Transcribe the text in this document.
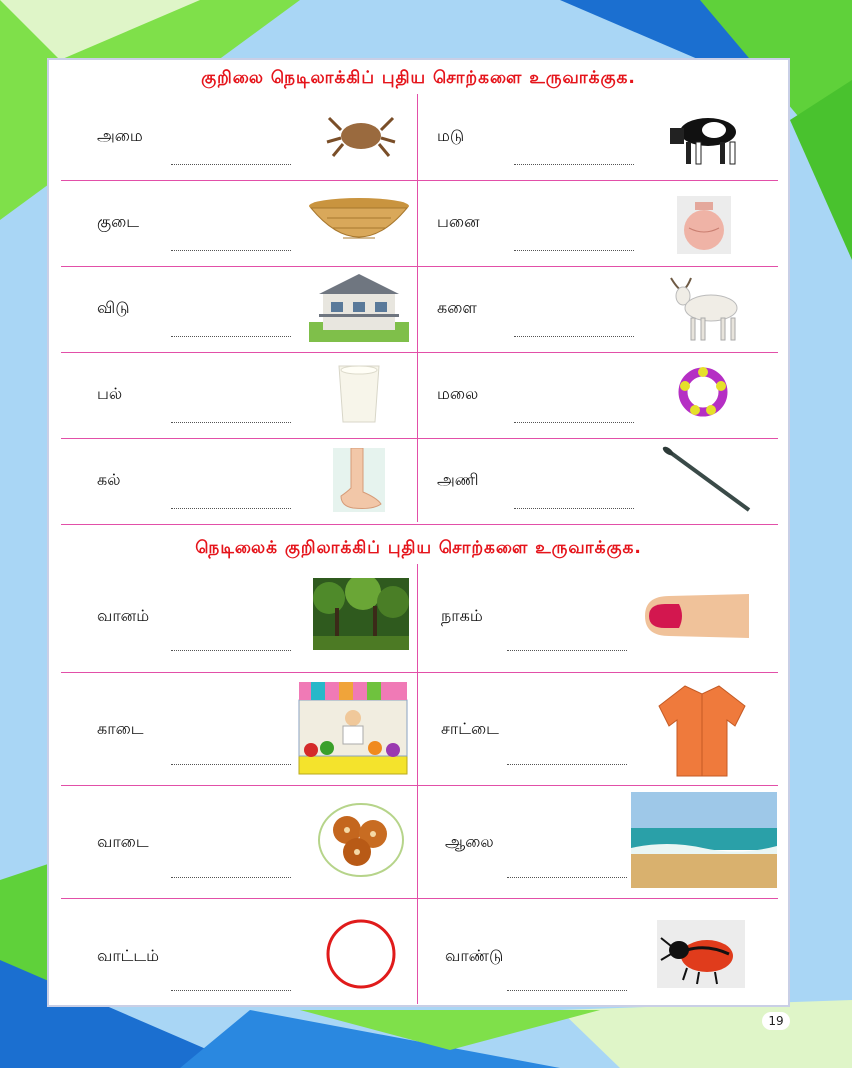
குறிலை நெடிலாக்கிப் புதிய சொற்களை உருவாக்குக.
அமை	மடு
குடை	பனை
விடு	களை
பல்	மலை
கல்	அணி
நெடிலைக் குறிலாக்கிப் புதிய சொற்களை உருவாக்குக.
வானம்	நாகம்
காடை	சாட்டை
வாடை	ஆலை
வாட்டம்	வாண்டு
19
